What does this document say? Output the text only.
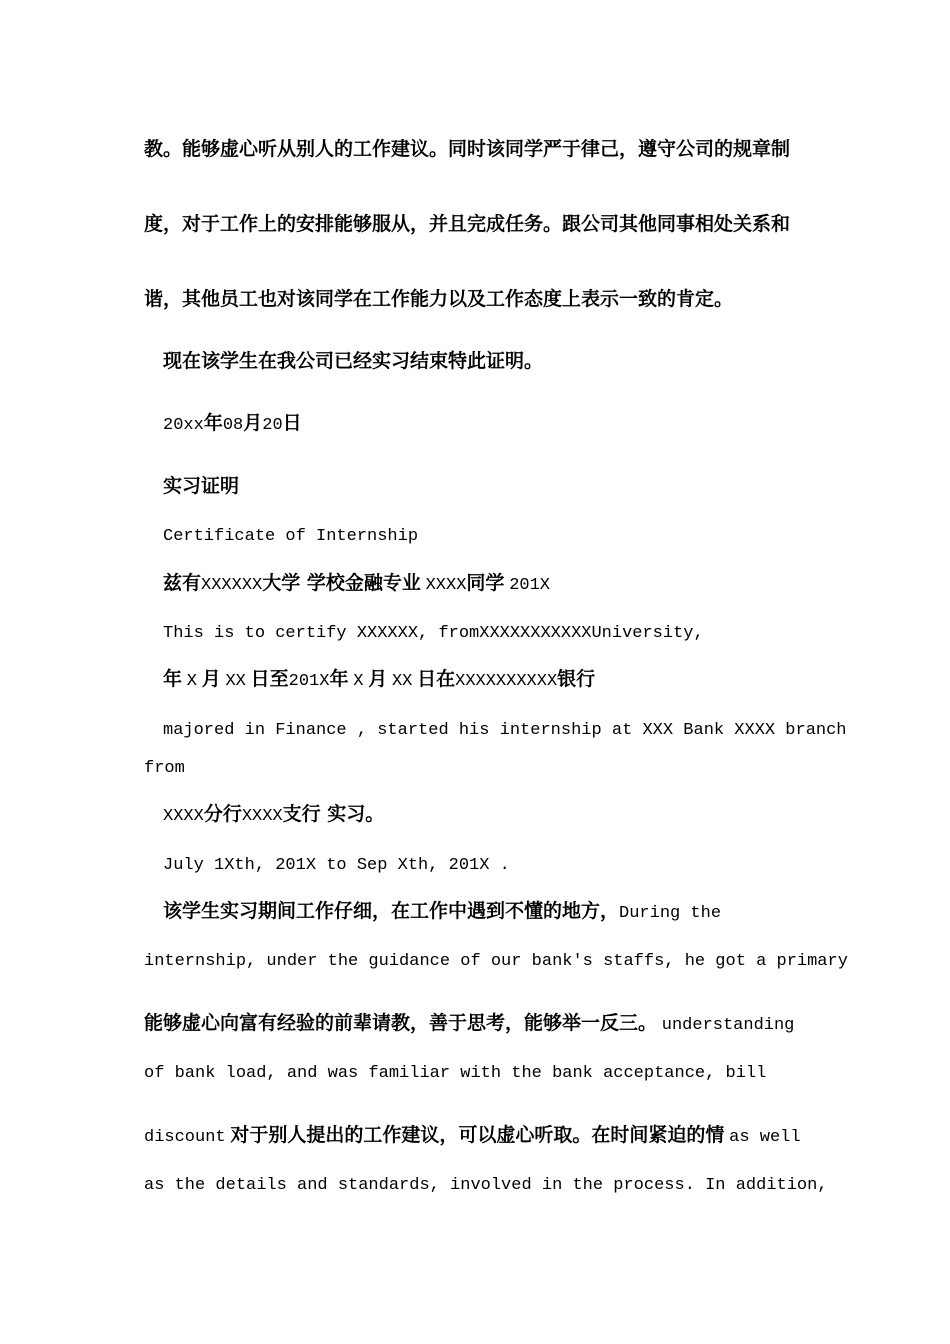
教。能够虚心听从别人的工作建议。同时该同学严于律己，遵守公司的规章制
度，对于工作上的安排能够服从，并且完成任务。跟公司其他同事相处关系和
谐，其他员工也对该同学在工作能力以及工作态度上表示一致的肯定。
现在该学生在我公司已经实习结束特此证明。
20xx年08月20日
实习证明
Certificate of Internship
兹有XXXXXX大学 学校金融专业 XXXX同学 201X
This is to certify XXXXXX, fromXXXXXXXXXXXUniversity,
年 X 月 XX 日至201X年 X 月 XX 日在XXXXXXXXXX银行
majored in Finance , started his internship at XXX Bank XXXX branch
from
XXXX分行XXXX支行 实习。
July 1Xth, 201X to Sep Xth, 201X .
该学生实习期间工作仔细，在工作中遇到不懂的地方，During the
internship, under the guidance of our bank's staffs, he got a primary
能够虚心向富有经验的前辈请教，善于思考，能够举一反三。 understanding
of bank load, and was familiar with the bank acceptance, bill
discount 对于别人提出的工作建议，可以虚心听取。在时间紧迫的情 as well
as the details and standards, involved in the process. In addition,
